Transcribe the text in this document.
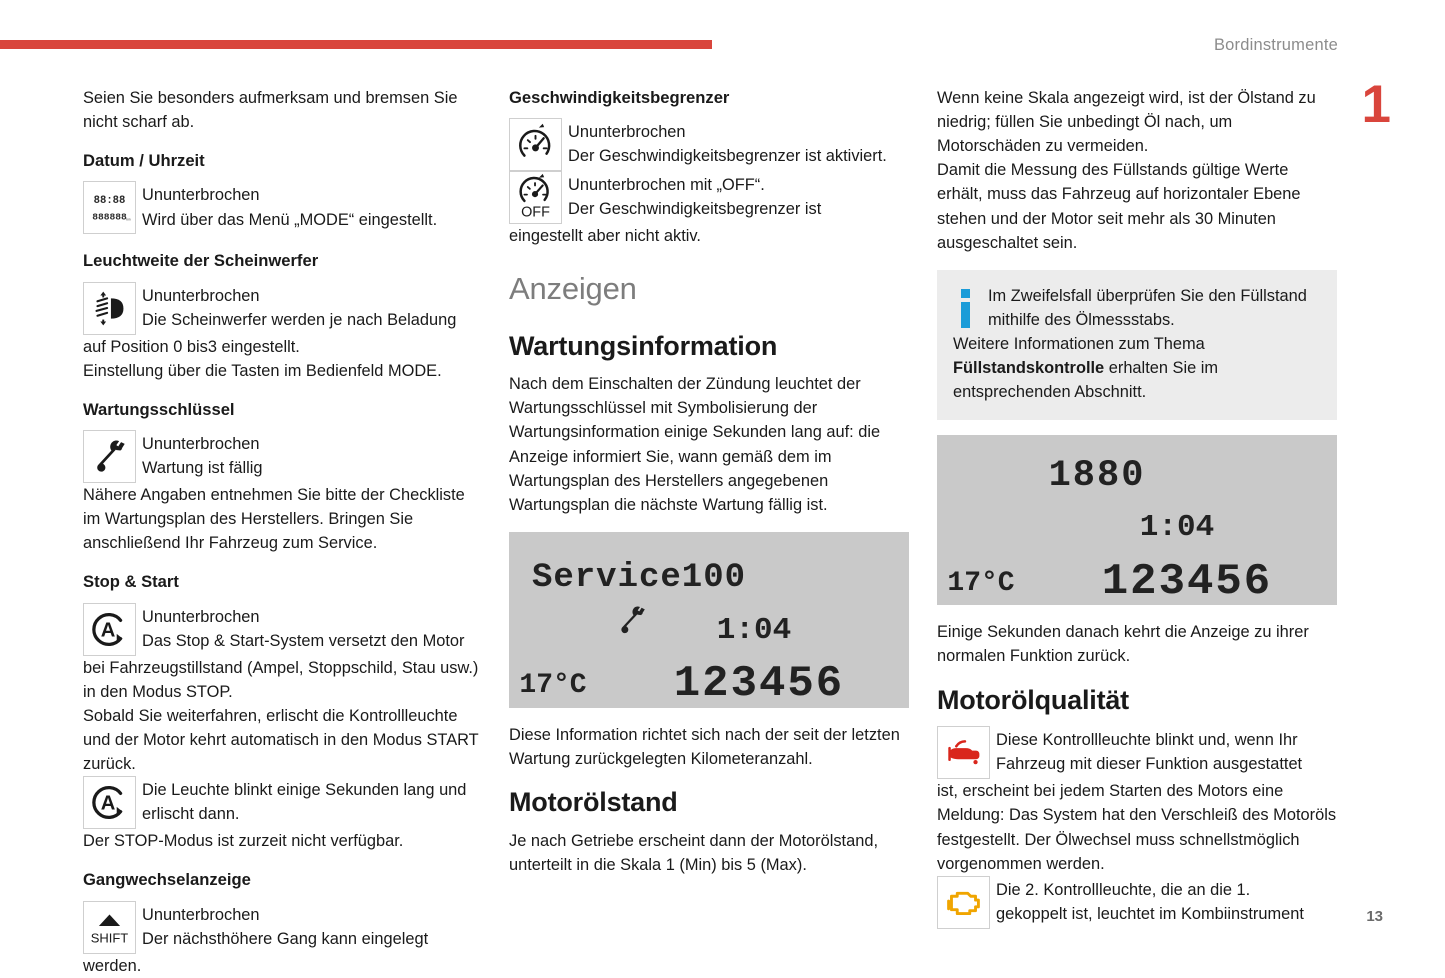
Bordinstrumente
1
13

Seien Sie besonders aufmerksam und bremsen Sie nicht scharf ab.

Datum / Uhrzeit
88:88
888888 km

Ununterbrochen

Wird über das Menü „MODE“ eingestellt.

Leuchtweite der Scheinwerfer

Ununterbrochen

Die Scheinwerfer werden je nach Beladung

auf Position 0 bis3 eingestellt.

Einstellung über die Tasten im Bedienfeld MODE.

Wartungsschlüssel

Ununterbrochen

Wartung ist fällig

Nähere Angaben entnehmen Sie bitte der Checkliste im Wartungsplan des Herstellers. Bringen Sie anschließend Ihr Fahrzeug zum Service.

Stop & Start
A

Ununterbrochen

Das Stop & Start-System versetzt den Motor

bei Fahrzeugstillstand (Ampel, Stoppschild, Stau usw.) in den Modus STOP.

Sobald Sie weiterfahren, erlischt die Kontrollleuchte und der Motor kehrt automatisch in den Modus START zurück.

A

Die Leuchte blinkt einige Sekunden lang und

erlischt dann.

Der STOP-Modus ist zurzeit nicht verfügbar.

Gangwechselanzeige
SHIFT

Ununterbrochen

Der nächsthöhere Gang kann eingelegt

werden.

Geschwindigkeitsbegrenzer

Ununterbrochen

Der Geschwindigkeitsbegrenzer ist aktiviert.

OFF

Ununterbrochen mit „OFF“.

Der Geschwindigkeitsbegrenzer ist

eingestellt aber nicht aktiv.

Anzeigen
Wartungsinformation

Nach dem Einschalten der Zündung leuchtet der Wartungsschlüssel mit Symbolisierung der Wartungsinformation einige Sekunden lang auf: die Anzeige informiert Sie, wann gemäß dem im Wartungsplan des Herstellers angegebenen Wartungsplan die nächste Wartung fällig ist.

Service100
1:04
17°C 123456

Diese Information richtet sich nach der seit der letzten Wartung zurückgelegten Kilometeranzahl.

Motorölstand

Je nach Getriebe erscheint dann der Motorölstand, unterteilt in die Skala 1 (Min) bis 5 (Max).

Wenn keine Skala angezeigt wird, ist der Ölstand zu niedrig; füllen Sie unbedingt Öl nach, um Motorschäden zu vermeiden.

Damit die Messung des Füllstands gültige Werte erhält, muss das Fahrzeug auf horizontaler Ebene stehen und der Motor seit mehr als 30 Minuten ausgeschaltet sein.

Im Zweifelsfall überprüfen Sie den Füllstand mithilfe des Ölmessstabs.

Weitere Informationen zum Thema Füllstandskontrolle erhalten Sie im entsprechenden Abschnitt.

1880
1:04
17°C 123456

Einige Sekunden danach kehrt die Anzeige zu ihrer normalen Funktion zurück.

Motorölqualität

Diese Kontrollleuchte blinkt und, wenn Ihr

Fahrzeug mit dieser Funktion ausgestattet

ist, erscheint bei jedem Starten des Motors eine Meldung: Das System hat den Verschleiß des Motoröls festgestellt. Der Ölwechsel muss schnellstmöglich vorgenommen werden.

Die 2. Kontrollleuchte, die an die 1.

gekoppelt ist, leuchtet im Kombiinstrument
